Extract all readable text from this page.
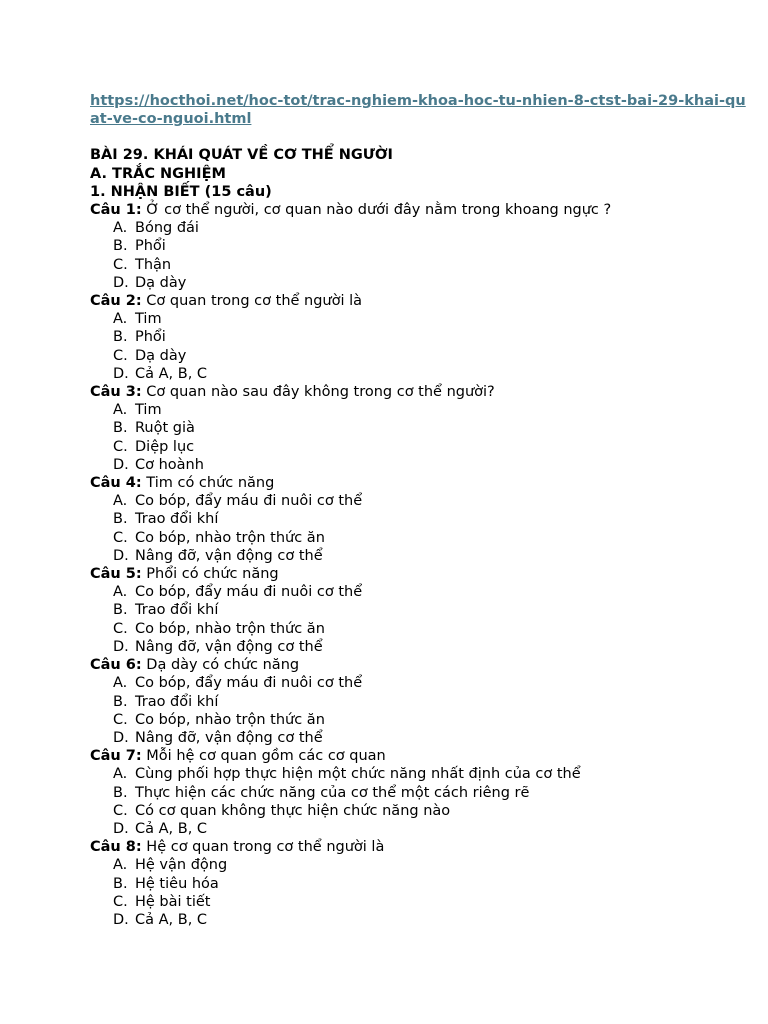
https://hocthoi.net/hoc-tot/trac-nghiem-khoa-hoc-tu-nhien-8-ctst-bai-29-khai-quat-ve-co-nguoi.html
BÀI 29. KHÁI QUÁT VỀ CƠ THỂ NGƯỜI
A. TRẮC NGHIỆM
1. NHẬN BIẾT (15 câu)
Câu 1: Ở cơ thể người, cơ quan nào dưới đây nằm trong khoang ngực ?
A. Bóng đái
B. Phổi
C. Thận
D. Dạ dày
Câu 2: Cơ quan trong cơ thể người là
A. Tim
B. Phổi
C. Dạ dày
D. Cả A, B, C
Câu 3: Cơ quan nào sau đây không trong cơ thể người?
A. Tim
B. Ruột già
C. Diệp lục
D. Cơ hoành
Câu 4: Tim có chức năng
A. Co bóp, đẩy máu đi nuôi cơ thể
B. Trao đổi khí
C. Co bóp, nhào trộn thức ăn
D. Nâng đỡ, vận động cơ thể
Câu 5: Phổi có chức năng
A. Co bóp, đẩy máu đi nuôi cơ thể
B. Trao đổi khí
C. Co bóp, nhào trộn thức ăn
D. Nâng đỡ, vận động cơ thể
Câu 6: Dạ dày có chức năng
A. Co bóp, đẩy máu đi nuôi cơ thể
B. Trao đổi khí
C. Co bóp, nhào trộn thức ăn
D. Nâng đỡ, vận động cơ thể
Câu 7: Mỗi hệ cơ quan gồm các cơ quan
A. Cùng phối hợp thực hiện một chức năng nhất định của cơ thể
B. Thực hiện các chức năng của cơ thể một cách riêng rẽ
C. Có cơ quan không thực hiện chức năng nào
D. Cả A, B, C
Câu 8: Hệ cơ quan trong cơ thể người là
A. Hệ vận động
B. Hệ tiêu hóa
C. Hệ bài tiết
D. Cả A, B, C
